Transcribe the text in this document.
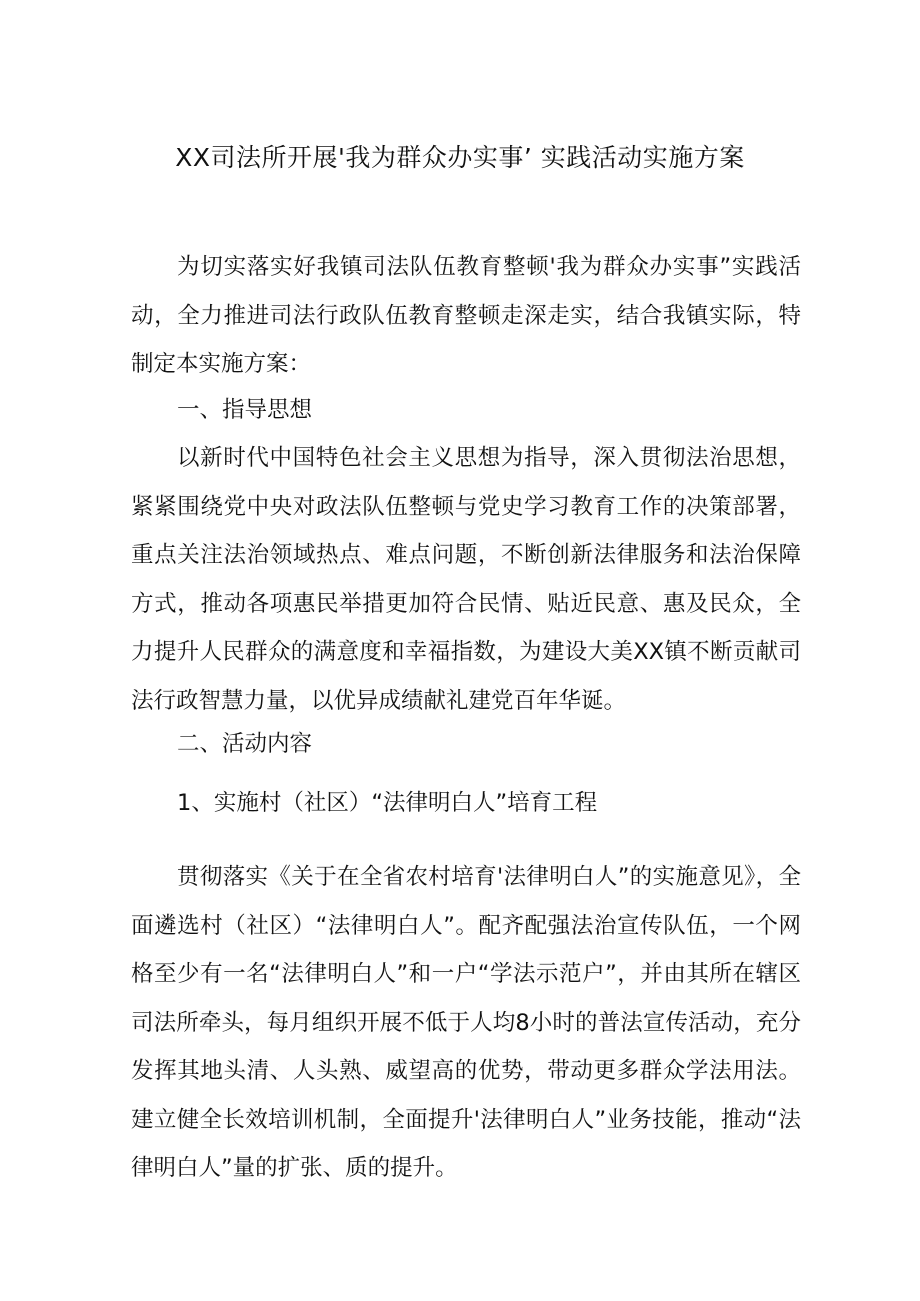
XX司法所开展'我为群众办实事’ 实践活动实施方案

为切实落实好我镇司法队伍教育整顿'我为群众办实事”实践活动，全力推进司法行政队伍教育整顿走深走实，结合我镇实际，特制定本实施方案：

一、指导思想

以新时代中国特色社会主义思想为指导，深入贯彻法治思想，紧紧围绕党中央对政法队伍整顿与党史学习教育工作的决策部署，重点关注法治领域热点、难点问题，不断创新法律服务和法治保障方式，推动各项惠民举措更加符合民情、贴近民意、惠及民众，全力提升人民群众的满意度和幸福指数，为建设大美XX镇不断贡献司法行政智慧力量，以优异成绩献礼建党百年华诞。

二、活动内容

1、实施村（社区）“法律明白人”培育工程

贯彻落实《关于在全省农村培育'法律明白人”的实施意见》，全面遴选村（社区）“法律明白人”。配齐配强法治宣传队伍，一个网格至少有一名“法律明白人”和一户“学法示范户”，并由其所在辖区司法所牵头，每月组织开展不低于人均8小时的普法宣传活动，充分发挥其地头清、人头熟、威望高的优势，带动更多群众学法用法。建立健全长效培训机制，全面提升'法律明白人”业务技能，推动“法律明白人”量的扩张、质的提升。
